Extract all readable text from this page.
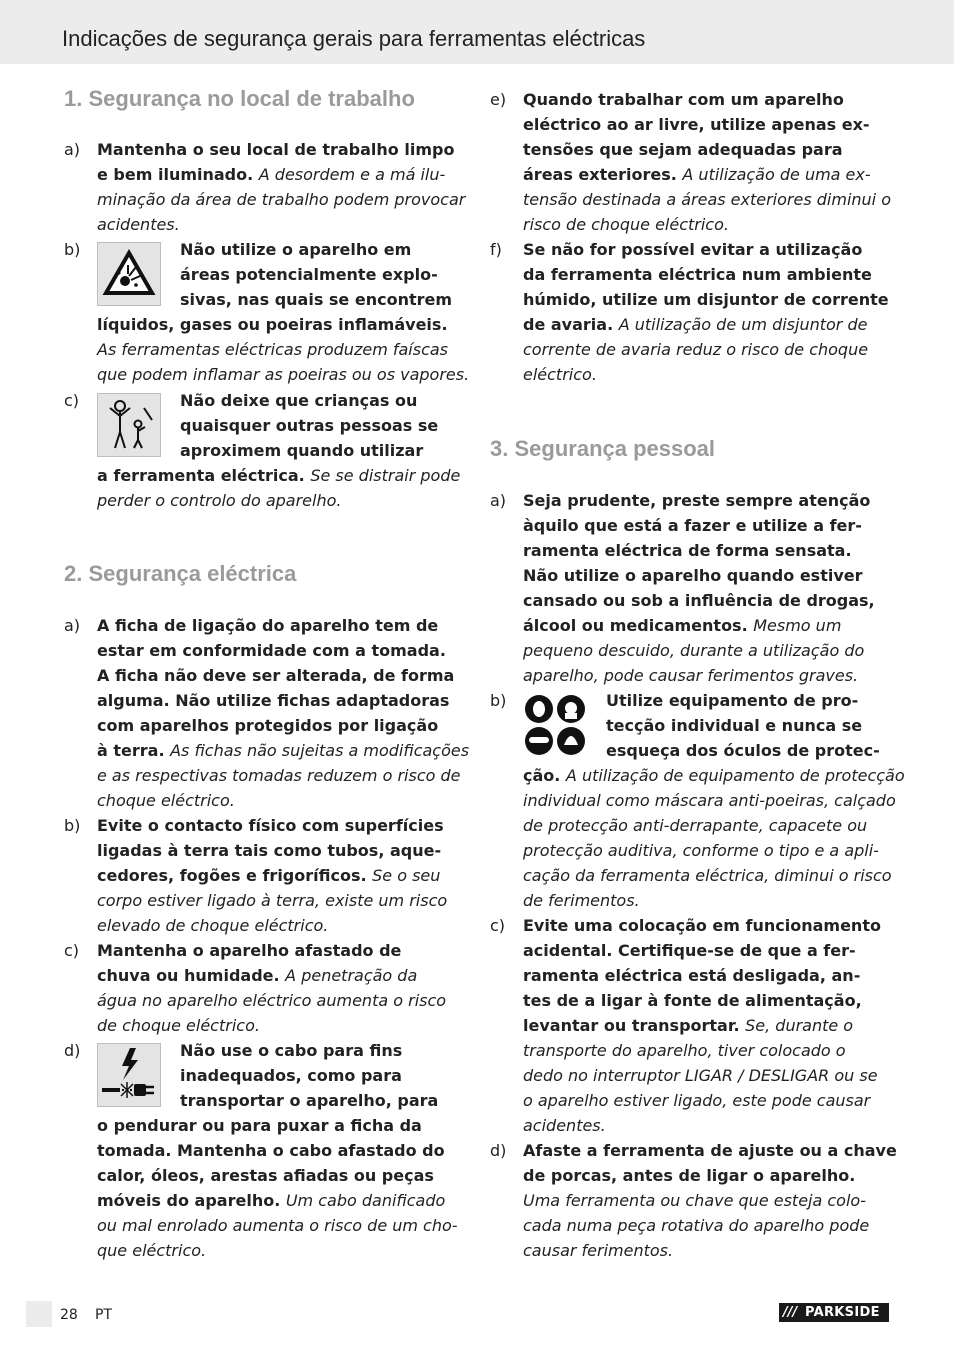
Indicações de segurança gerais para ferramentas eléctricas
1. Segurança no local de trabalho
2. Segurança eléctrica
3. Segurança pessoal
a) Mantenha o seu local de trabalho limpo
e bem iluminado. A desordem e a má ilu-
minação da área de trabalho podem provocar
acidentes.
b)	Não utilize o aparelho em
áreas potencialmente explo-
sivas, nas quais se encontrem
líquidos, gases ou poeiras inflamáveis.
As ferramentas eléctricas produzem faíscas
que podem inflamar as poeiras ou os vapores.
c)	Não deixe que crianças ou
quaisquer outras pessoas se
aproximem quando utilizar
a ferramenta eléctrica. Se se distrair pode
perder o controlo do aparelho.
a) A ficha de ligação do aparelho tem de
estar em conformidade com a tomada.
A ficha não deve ser alterada, de forma
alguma. Não utilize fichas adaptadoras
com aparelhos protegidos por ligação
à terra. As fichas não sujeitas a modificações
e as respectivas tomadas reduzem o risco de
choque eléctrico.
b) Evite o contacto físico com superfícies
ligadas à terra tais como tubos, aque-
cedores, fogões e frigoríficos. Se o seu
corpo estiver ligado à terra, existe um risco
elevado de choque eléctrico.
c) Mantenha o aparelho afastado de
chuva ou humidade. A penetração da
água no aparelho eléctrico aumenta o risco
de choque eléctrico.
d)	Não use o cabo para fins
inadequados, como para
transportar o aparelho, para
o pendurar ou para puxar a ficha da
tomada. Mantenha o cabo afastado do
calor, óleos, arestas afiadas ou peças
móveis do aparelho. Um cabo danificado
ou mal enrolado aumenta o risco de um cho-
que eléctrico.
e) Quando trabalhar com um aparelho
eléctrico ao ar livre, utilize apenas ex-
tensões que sejam adequadas para
áreas exteriores. A utilização de uma ex-
tensão destinada a áreas exteriores diminui o
risco de choque eléctrico.
f) Se não for possível evitar a utilização
da ferramenta eléctrica num ambiente
húmido, utilize um disjuntor de corrente
de avaria. A utilização de um disjuntor de
corrente de avaria reduz o risco de choque
eléctrico.
a) Seja prudente, preste sempre atenção
àquilo que está a fazer e utilize a fer-
ramenta eléctrica de forma sensata.
Não utilize o aparelho quando estiver
cansado ou sob a influência de drogas,
álcool ou medicamentos. Mesmo um
pequeno descuido, durante a utilização do
aparelho, pode causar ferimentos graves.
b)	Utilize equipamento de pro-
tecção individual e nunca se
esqueça dos óculos de protec-
ção. A utilização de equipamento de protecção
individual como máscara anti-poeiras, calçado
de protecção anti-derrapante, capacete ou
protecção auditiva, conforme o tipo e a apli-
cação da ferramenta eléctrica, diminui o risco
de ferimentos.
c) Evite uma colocação em funcionamento
acidental. Certifique-se de que a fer-
ramenta eléctrica está desligada, an-
tes de a ligar à fonte de alimentação,
levantar ou transportar. Se, durante o
transporte do aparelho, tiver colocado o
dedo no interruptor LIGAR / DESLIGAR ou se
o aparelho estiver ligado, este pode causar
acidentes.
d) Afaste a ferramenta de ajuste ou a chave
de porcas, antes de ligar o aparelho.
Uma ferramenta ou chave que esteja colo-
cada numa peça rotativa do aparelho pode
causar ferimentos.
28 PT	/// PARKSIDE
